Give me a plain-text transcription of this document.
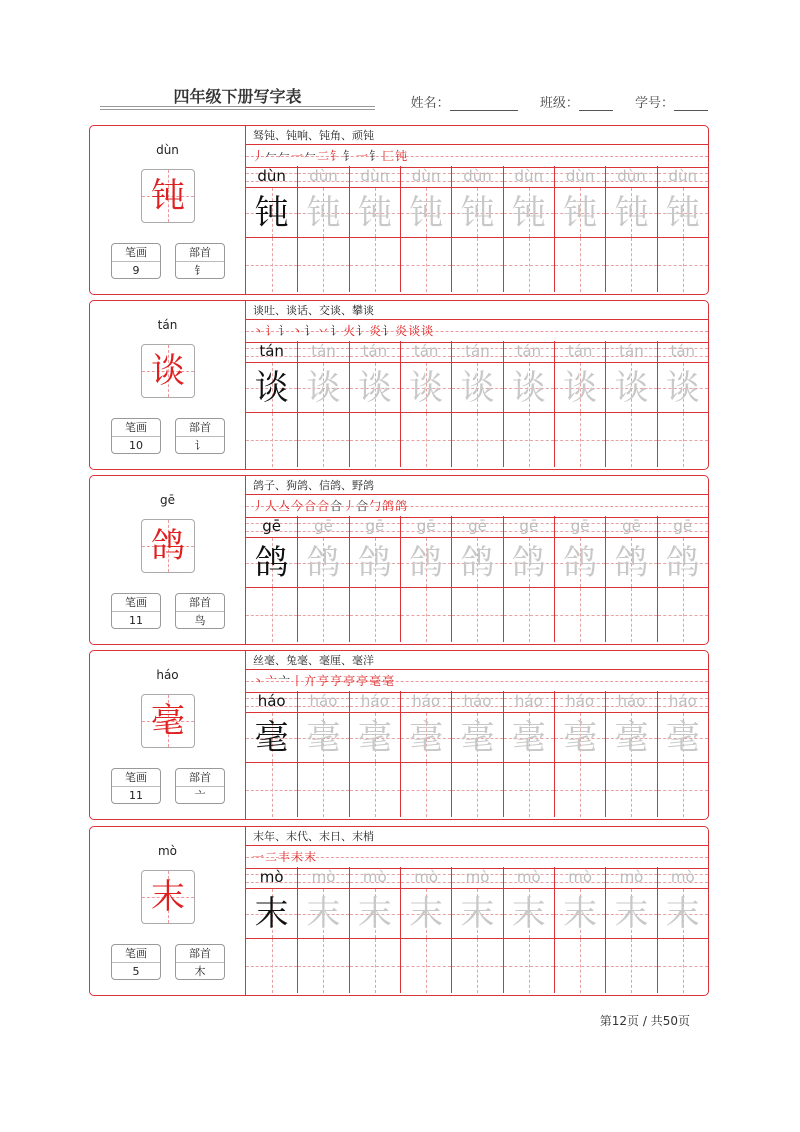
四年级下册写字表	姓名：	班级：	学号：
dùn
钝
笔画
9
部首
钅
驽钝、钝响、钝角、顽钝
丿�𠂉一𠂉二钅钅一钅匚钝
dùn
钝
dùn
钝
dùn
钝
dùn
钝
dùn
钝
dùn
钝
dùn
钝
dùn
钝
dùn
钝
tán
谈
笔画
10
部首
讠
谈吐、谈话、交谈、攀谈
丶讠讠丶讠丷讠火讠炎讠炎谈谈
tán
谈
tán
谈
tán
谈
tán
谈
tán
谈
tán
谈
tán
谈
tán
谈
tán
谈
gē
鸽
笔画
11
部首
鸟
鸽子、狗鸽、信鸽、野鸽
丿人亼今合合合丿合勹鸽鸽
gē
鸽
gē
鸽
gē
鸽
gē
鸽
gē
鸽
gē
鸽
gē
鸽
gē
鸽
gē
鸽
háo
毫
笔画
11
部首
亠
丝毫、兔毫、毫厘、毫洋
丶亠亠丨亣亨亨亭亭毫毫
háo
毫
háo
毫
háo
毫
háo
毫
háo
毫
háo
毫
háo
毫
háo
毫
háo
毫
mò
末
笔画
5
部首
木
末年、末代、末日、末梢
一二丰末末
mò
末
mò
末
mò
末
mò
末
mò
末
mò
末
mò
末
mò
末
mò
末
第12页 / 共50页
